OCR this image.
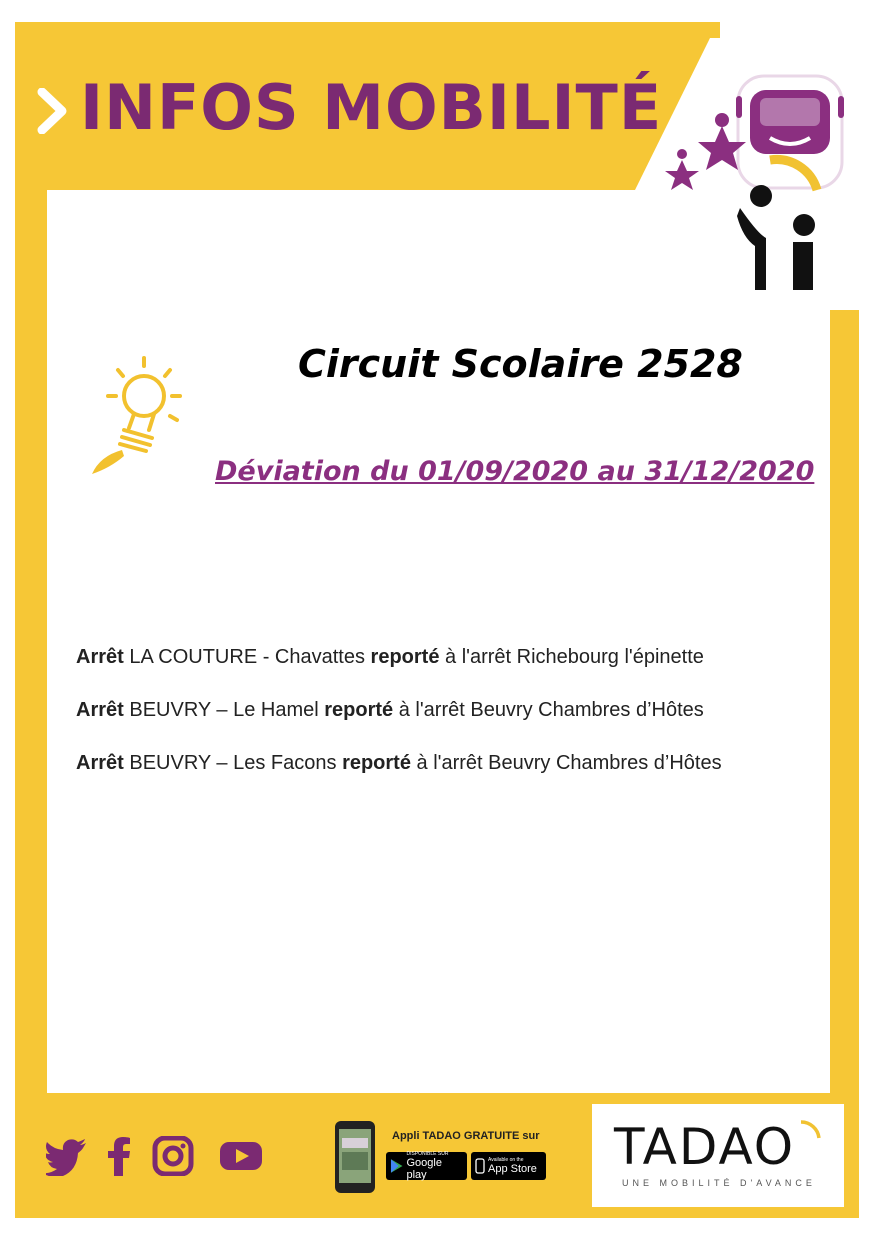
INFOS MOBILITÉ
Circuit Scolaire 2528
Déviation du 01/09/2020 au 31/12/2020
Arrêt LA COUTURE - Chavattes reporté à l'arrêt Richebourg l'épinette
Arrêt BEUVRY – Le Hamel reporté à l'arrêt Beuvry Chambres d’Hôtes
Arrêt BEUVRY – Les Facons reporté à l'arrêt Beuvry Chambres d’Hôtes
Appli TADAO GRATUITE sur
DISPONIBLE SUR
Google play
Available on the
App Store TADAO
UNE MOBILITÉ D'AVANCE
